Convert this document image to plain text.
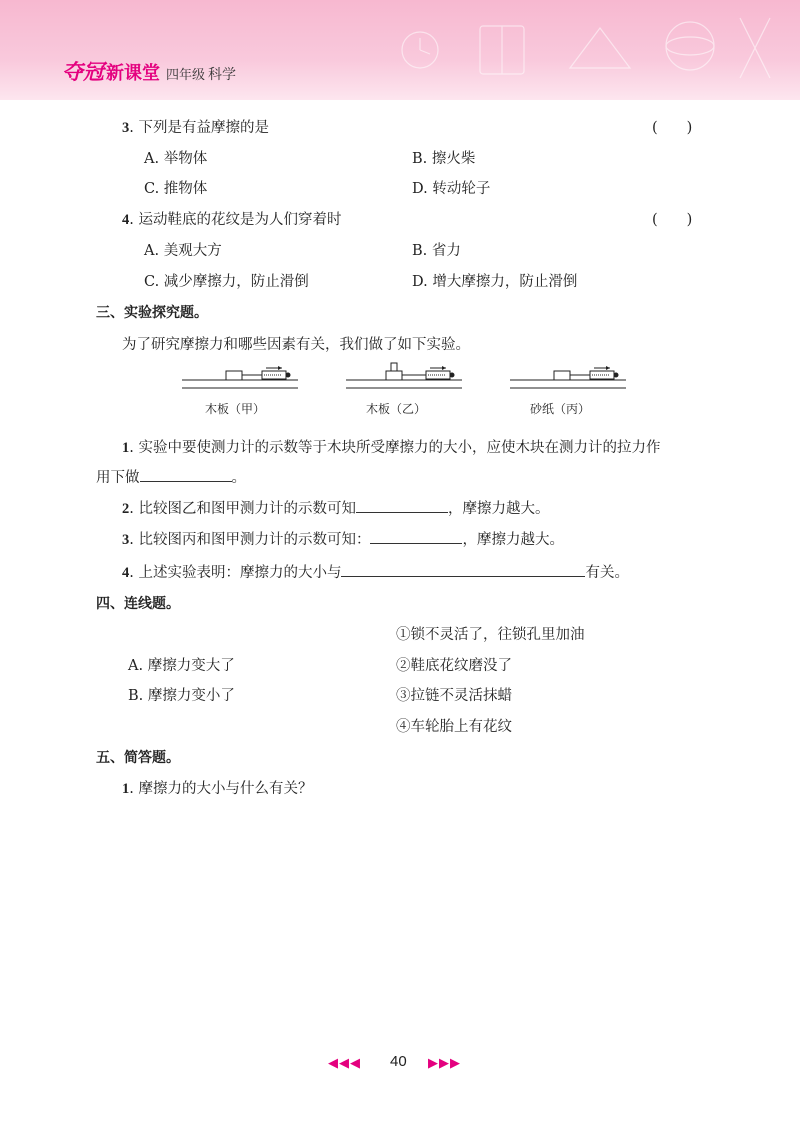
夺冠 新课堂 四年级 科学
3. 下列是有益摩擦的是	(　　)
A. 举物体	B. 擦火柴
C. 推物体	D. 转动轮子
4. 运动鞋底的花纹是为人们穿着时	(　　)
A. 美观大方	B. 省力
C. 减少摩擦力，防止滑倒	D. 增大摩擦力，防止滑倒
三、实验探究题。
为了研究摩擦力和哪些因素有关，我们做了如下实验。
木板（甲）	木板（乙）	砂纸（丙）
1. 实验中要使测力计的示数等于木块所受摩擦力的大小，应使木块在测力计的拉力作
用下做	。
2. 比较图乙和图甲测力计的示数可知	，摩擦力越大。
3. 比较图丙和图甲测力计的示数可知：	，摩擦力越大。
4. 上述实验表明：摩擦力的大小与	有关。
四、连线题。
①锁不灵活了，往锁孔里加油
A. 摩擦力变大了	②鞋底花纹磨没了
B. 摩擦力变小了	③拉链不灵活抹蜡
④车轮胎上有花纹
五、简答题。
1. 摩擦力的大小与什么有关？
◀◀◀ 40 ▶▶▶
